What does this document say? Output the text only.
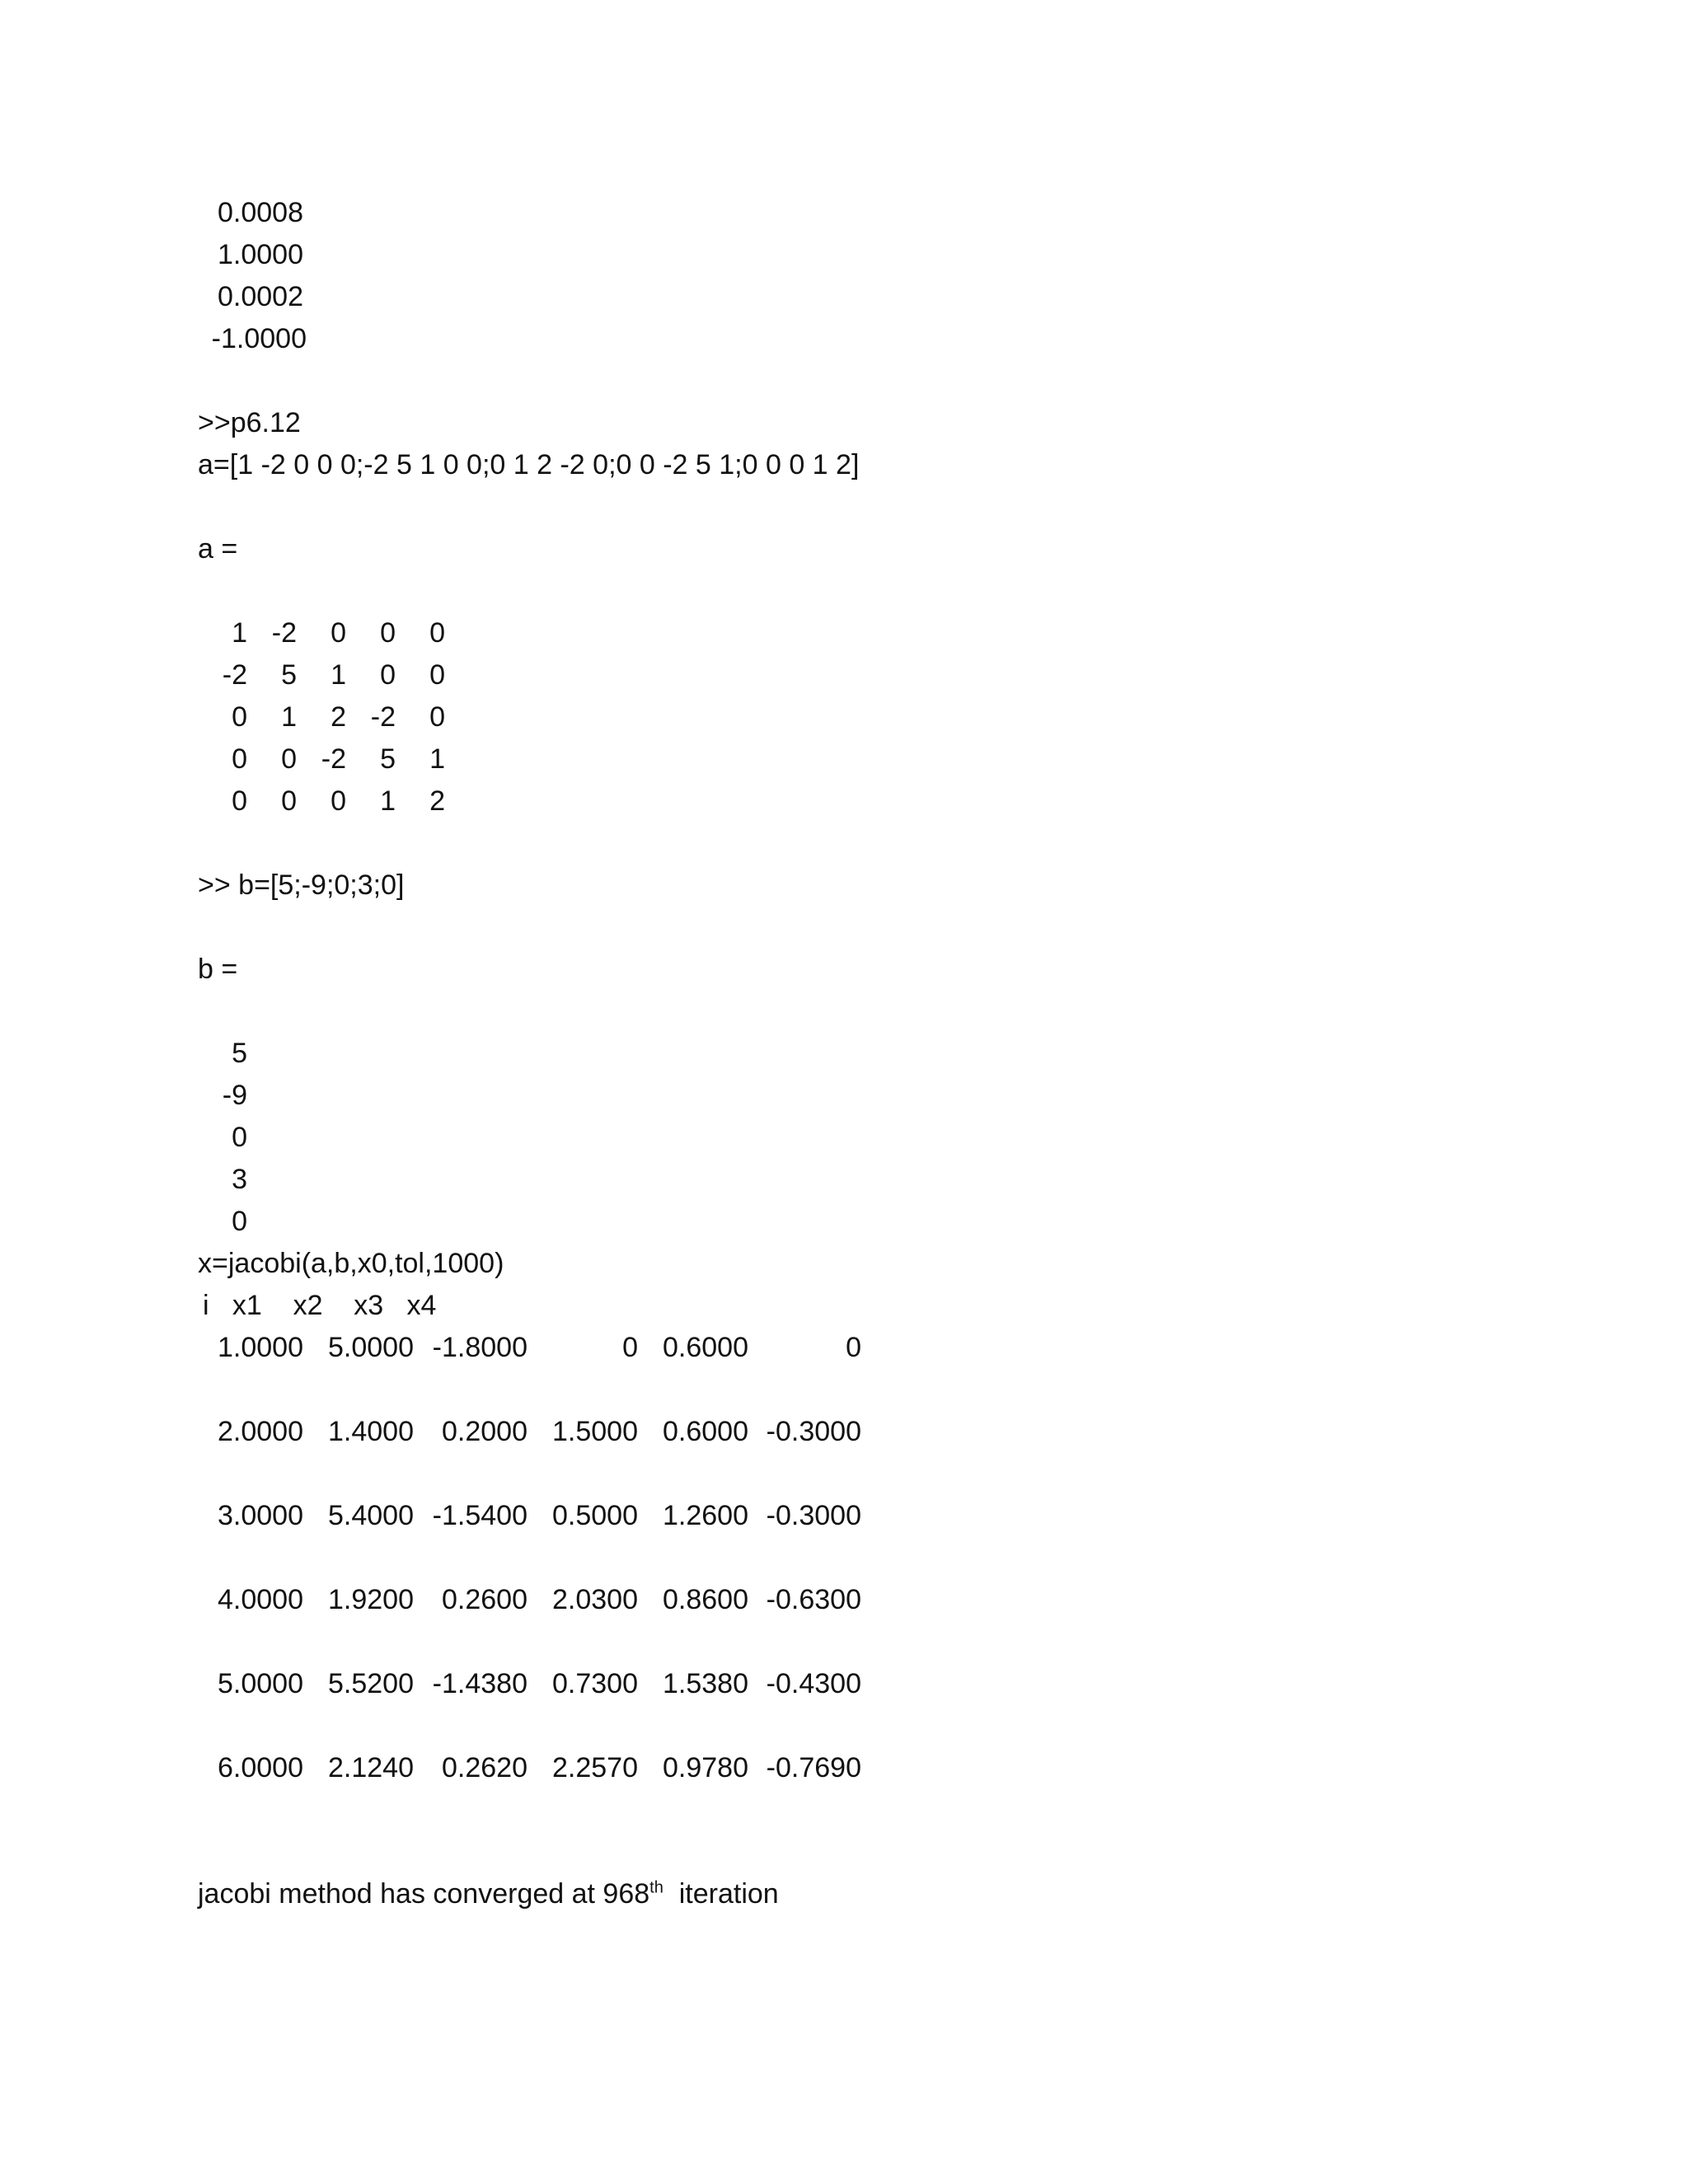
0.0008
1.0000
0.0002
-1.0000
>>p6.12
a=[1 -2 0 0 0;-2 5 1 0 0;0 1 2 -2 0;0 0 -2 5 1;0 0 0 1 2]
a =
1 -2	0	0	0
-2	5	1	0	0
0	1	2 -2	0
0	0 -2	5	1
0	0	0	1	2
>> b=[5;-9;0;3;0]
b =
5
-9
0
3
0
x=jacobi(a,b,x0,tol,1000)
i   x1    x2    x3   x4
1.0000 5.0000 -1.8000	0 0.6000	0
2.0000 1.4000	0.2000 1.5000 0.6000 -0.3000
3.0000 5.4000 -1.5400 0.5000 1.2600 -0.3000
4.0000 1.9200	0.2600 2.0300 0.8600 -0.6300
5.0000 5.5200 -1.4380 0.7300 1.5380 -0.4300
6.0000 2.1240	0.2620 2.2570 0.9780 -0.7690
jacobi method has converged at 968th  iteration
